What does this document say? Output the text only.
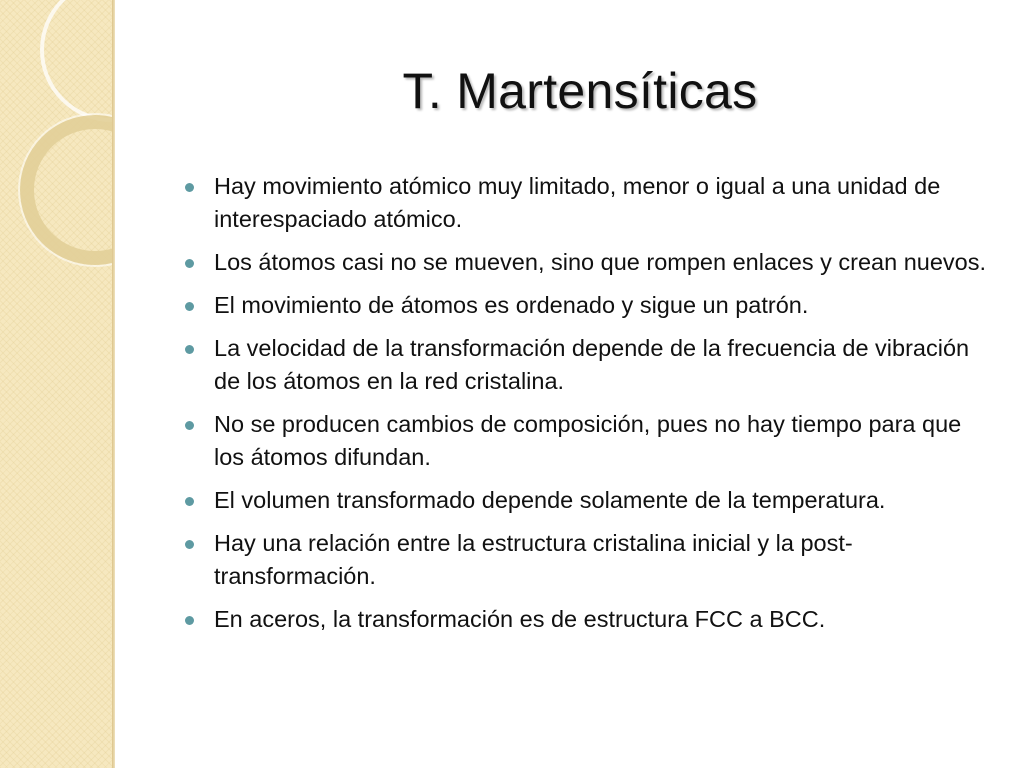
T. Martensíticas
Hay movimiento atómico muy limitado, menor o igual a una unidad de interespaciado atómico.
Los átomos casi no se mueven, sino que rompen enlaces y crean nuevos.
El movimiento de átomos es ordenado y sigue un patrón.
La velocidad de la transformación depende de la frecuencia de vibración de los átomos en la red cristalina.
No se producen cambios de composición, pues no hay tiempo para que los átomos difundan.
El volumen transformado depende solamente de la temperatura.
Hay una relación entre la estructura cristalina inicial y la post-transformación.
En aceros, la transformación es de estructura FCC a BCC.
